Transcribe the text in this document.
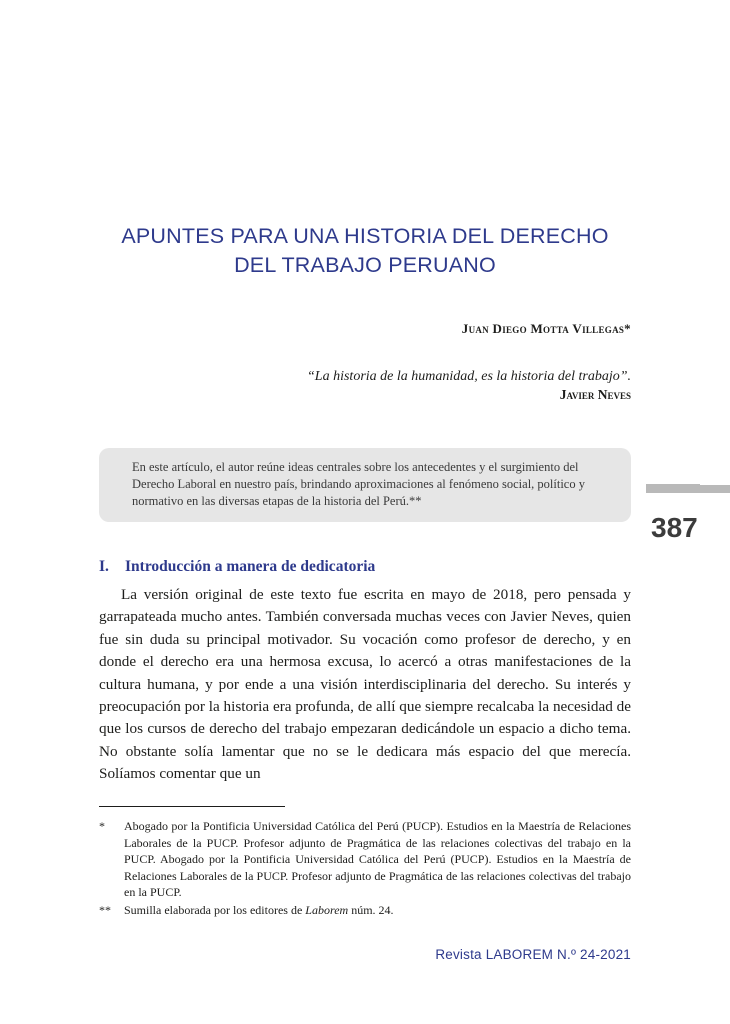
APUNTES PARA UNA HISTORIA DEL DERECHO
DEL TRABAJO PERUANO
Juan Diego Motta Villegas*
“La historia de la humanidad, es la historia del trabajo”.
Javier Neves
En este artículo, el autor reúne ideas centrales sobre los antecedentes y el surgimiento del Derecho Laboral en nuestro país, brindando aproximaciones al fenómeno social, político y normativo en las diversas etapas de la historia del Perú.**
387
I. Introducción a manera de dedicatoria

La versión original de este texto fue escrita en mayo de 2018, pero pensada y garrapateada mucho antes. También conversada muchas veces con Javier Neves, quien fue sin duda su principal motivador. Su vocación como profesor de derecho, y en donde el derecho era una hermosa excusa, lo acercó a otras manifestaciones de la cultura humana, y por ende a una visión interdisciplinaria del derecho. Su interés y preocupación por la historia era profunda, de allí que siempre recalcaba la necesidad de que los cursos de derecho del trabajo empezaran dedicándole un espacio a dicho tema. No obstante solía lamentar que no se le dedicara más espacio del que merecía. Solíamos comentar que un

*	Abogado por la Pontificia Universidad Católica del Perú (PUCP). Estudios en la Maestría de Relaciones Laborales de la PUCP. Profesor adjunto de Pragmática de las relaciones colectivas del trabajo en la PUCP. Abogado por la Pontificia Universidad Católica del Perú (PUCP). Estudios en la Maestría de Relaciones Laborales de la PUCP. Profesor adjunto de Pragmática de las relaciones colectivas del trabajo en la PUCP.
**	Sumilla elaborada por los editores de Laborem núm. 24.
Revista LABOREM N.º 24-2021
